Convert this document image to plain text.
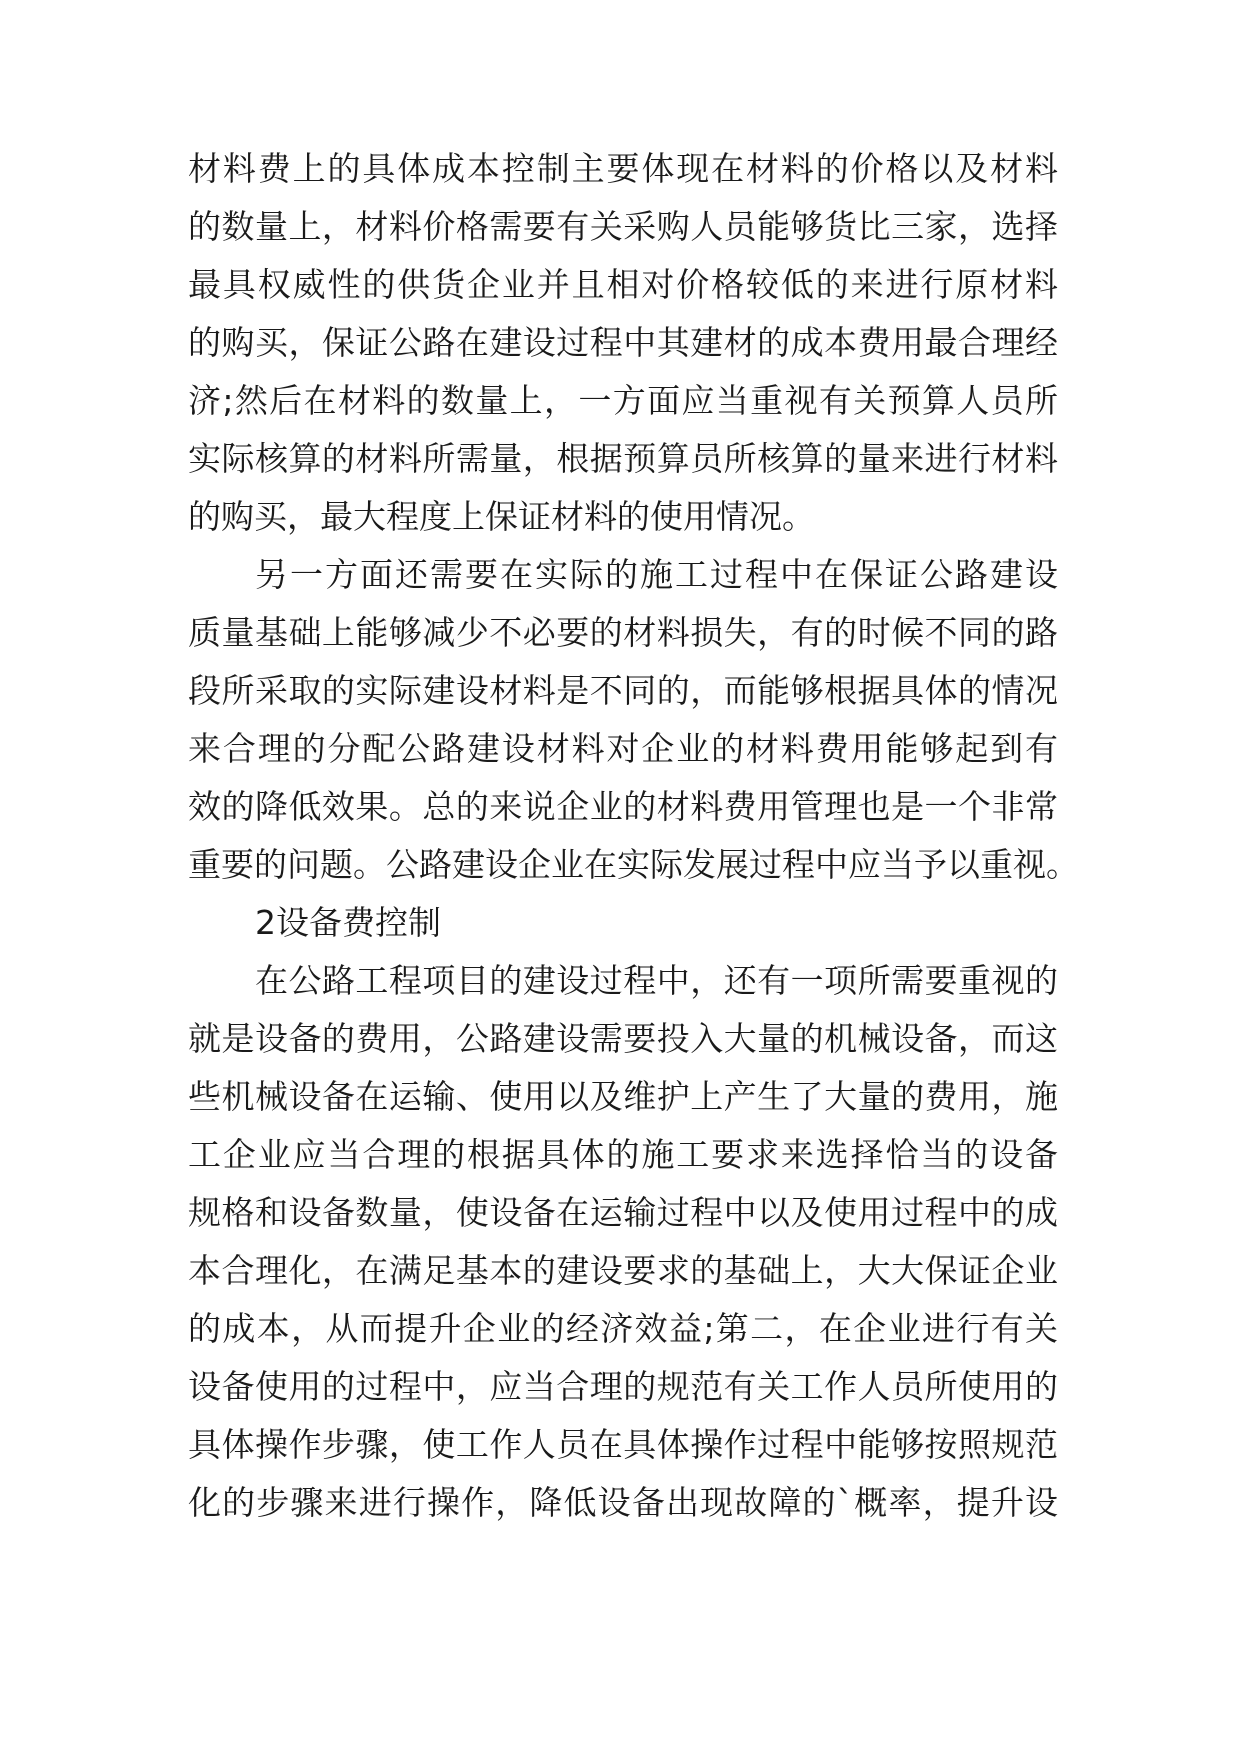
材料费上的具体成本控制主要体现在材料的价格以及材料

的数量上，材料价格需要有关采购人员能够货比三家，选择

最具权威性的供货企业并且相对价格较低的来进行原材料

的购买，保证公路在建设过程中其建材的成本费用最合理经

济;然后在材料的数量上，一方面应当重视有关预算人员所

实际核算的材料所需量，根据预算员所核算的量来进行材料

的购买，最大程度上保证材料的使用情况。

另一方面还需要在实际的施工过程中在保证公路建设

质量基础上能够减少不必要的材料损失，有的时候不同的路

段所采取的实际建设材料是不同的，而能够根据具体的情况

来合理的分配公路建设材料对企业的材料费用能够起到有

效的降低效果。总的来说企业的材料费用管理也是一个非常

重要的问题。公路建设企业在实际发展过程中应当予以重视。

2设备费控制

在公路工程项目的建设过程中，还有一项所需要重视的

就是设备的费用，公路建设需要投入大量的机械设备，而这

些机械设备在运输、使用以及维护上产生了大量的费用，施

工企业应当合理的根据具体的施工要求来选择恰当的设备

规格和设备数量，使设备在运输过程中以及使用过程中的成

本合理化，在满足基本的建设要求的基础上，大大保证企业

的成本，从而提升企业的经济效益;第二，在企业进行有关

设备使用的过程中，应当合理的规范有关工作人员所使用的

具体操作步骤，使工作人员在具体操作过程中能够按照规范

化的步骤来进行操作，降低设备出现故障的`概率，提升设
